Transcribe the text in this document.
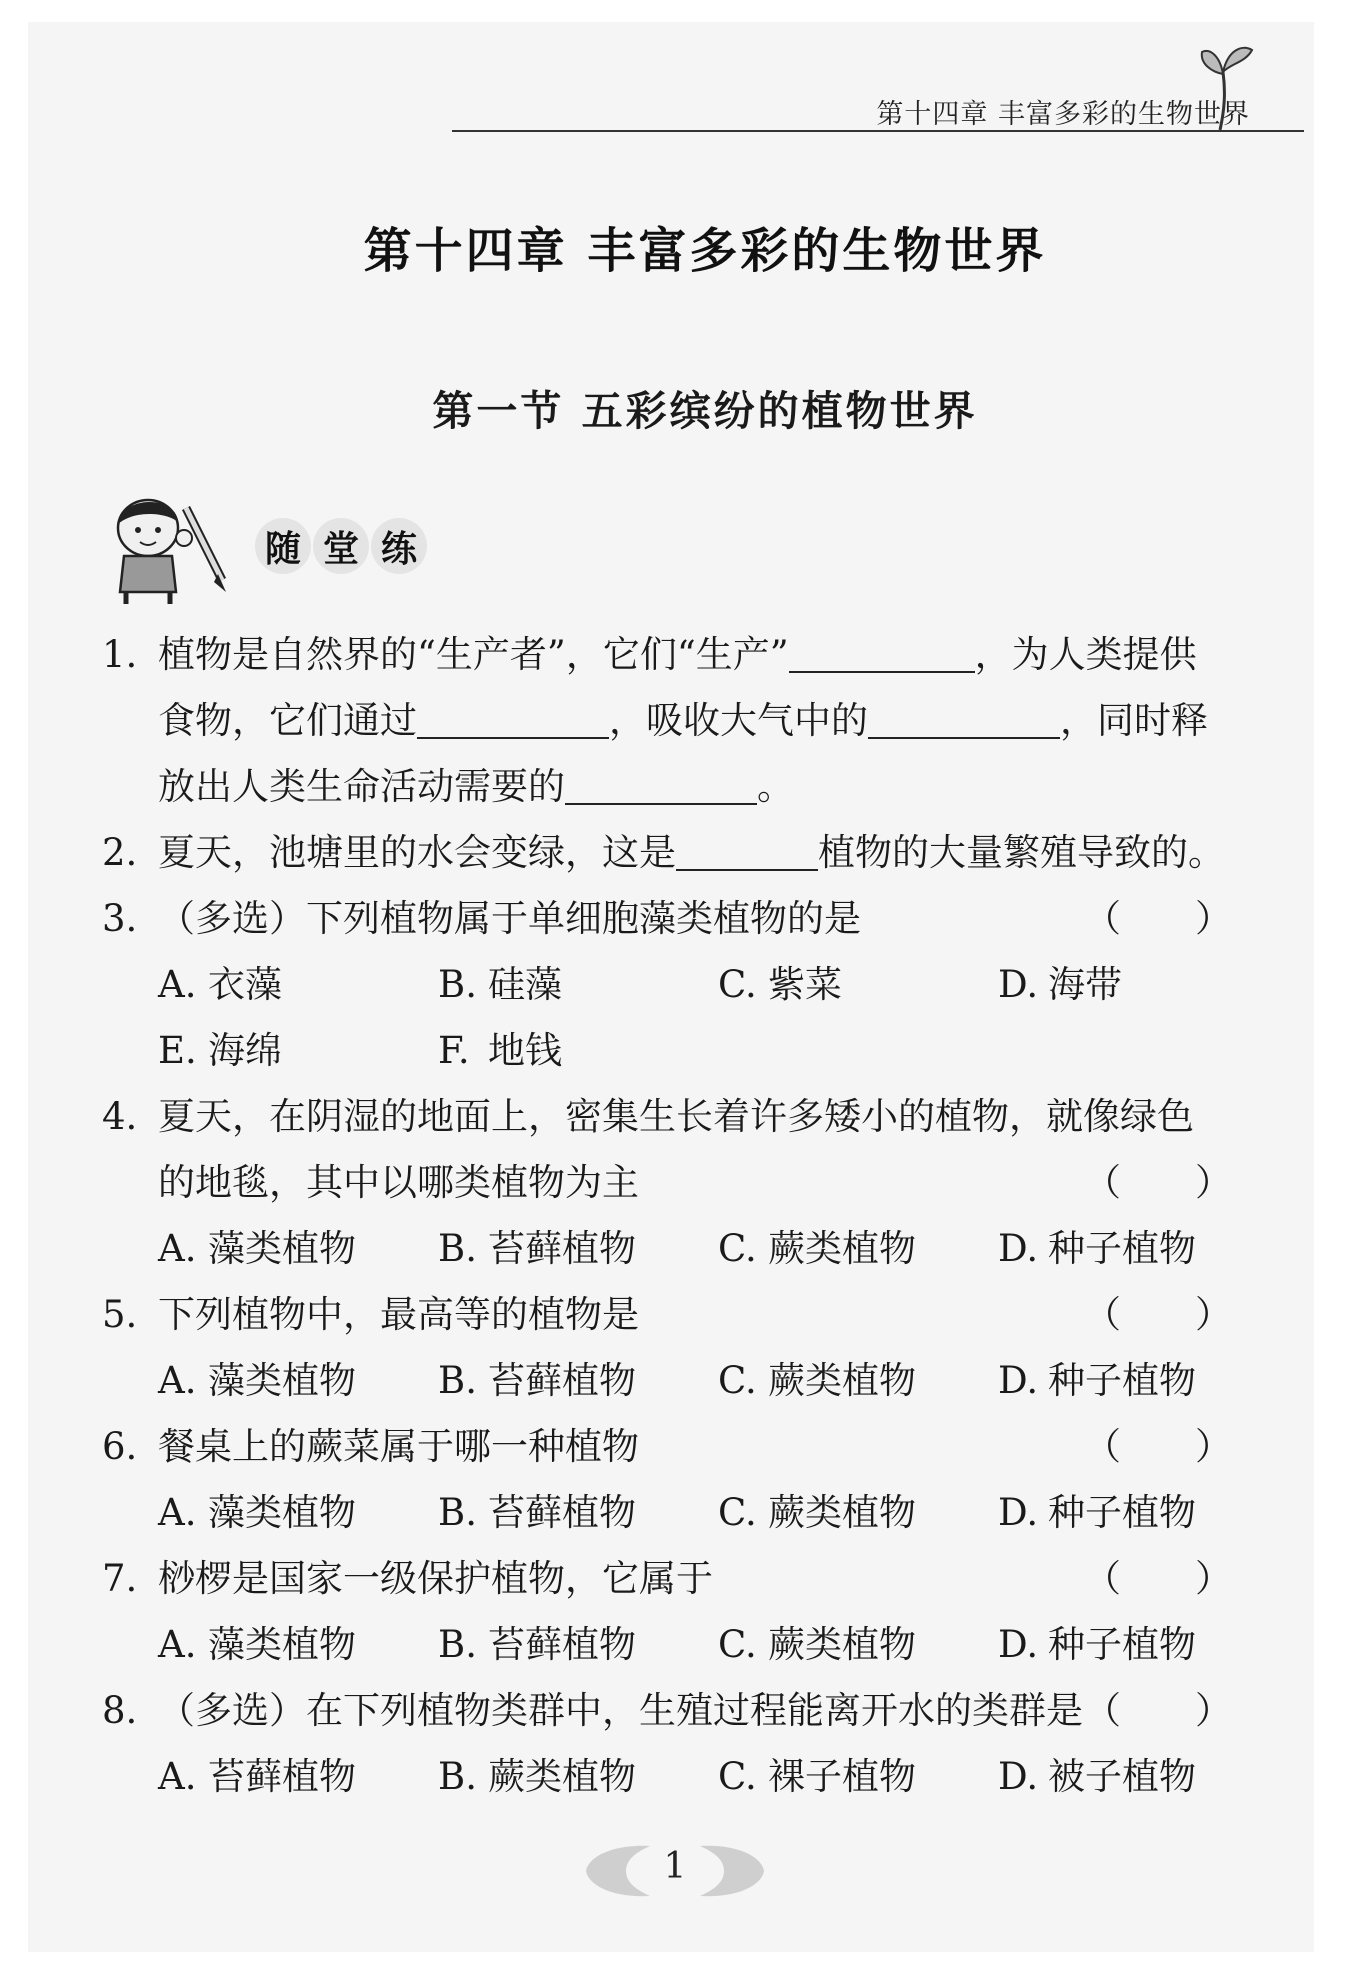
第十四章 丰富多彩的生物世界
第十四章 丰富多彩的生物世界
第一节 五彩缤纷的植物世界
随 堂 练
1. 植物是自然界的“生产者”，它们“生产”	，为人类提供
食物，它们通过	，吸收大气中的	，同时释
放出人类生命活动需要的	。
2. 夏天，池塘里的水会变绿，这是	植物的大量繁殖导致的。
3. （多选）下列植物属于单细胞藻类植物的是	（　　）
A. 衣藻	B. 硅藻	C. 紫菜	D. 海带
E. 海绵	F. 地钱
4. 夏天，在阴湿的地面上，密集生长着许多矮小的植物，就像绿色
的地毯，其中以哪类植物为主	（　　）
A. 藻类植物 B. 苔藓植物 C. 蕨类植物 D. 种子植物
5. 下列植物中，最高等的植物是	（　　）
A. 藻类植物 B. 苔藓植物 C. 蕨类植物 D. 种子植物
6. 餐桌上的蕨菜属于哪一种植物	（　　）
A. 藻类植物 B. 苔藓植物 C. 蕨类植物 D. 种子植物
7. 桫椤是国家一级保护植物，它属于	（　　）
A. 藻类植物 B. 苔藓植物 C. 蕨类植物 D. 种子植物
8. （多选）在下列植物类群中，生殖过程能离开水的类群是 （　　）
A. 苔藓植物 B. 蕨类植物 C. 裸子植物 D. 被子植物
1
